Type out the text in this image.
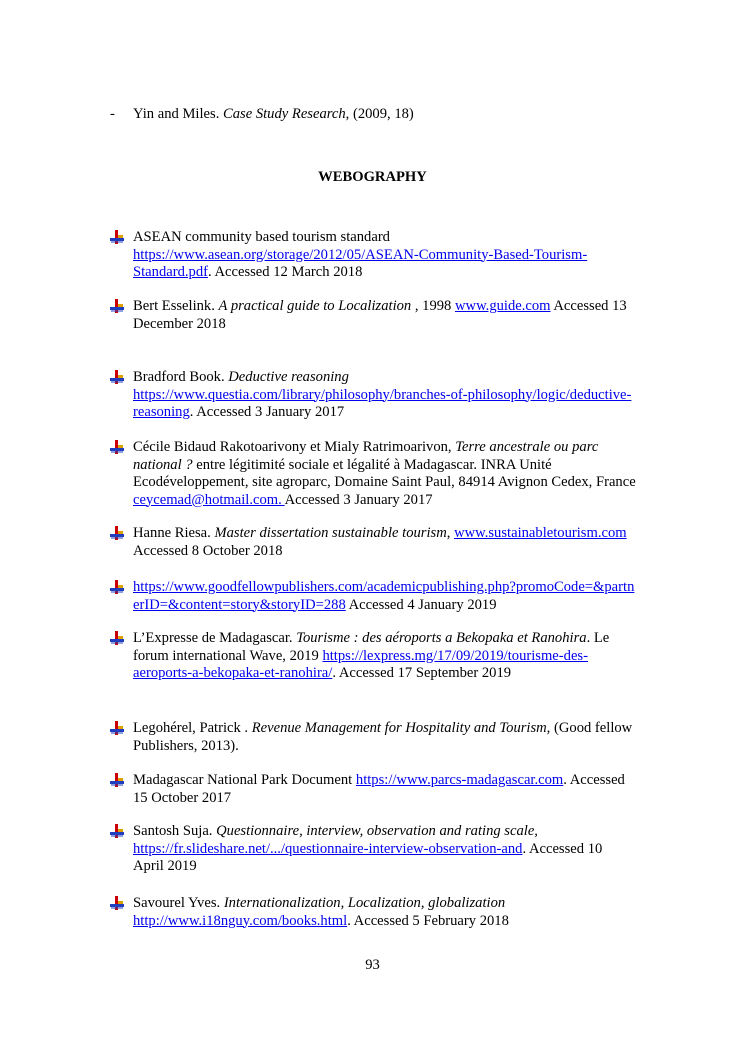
- Yin and Miles. Case Study Research, (2009, 18)
WEBOGRAPHY
ASEAN community based tourism standard
https://www.asean.org/storage/2012/05/ASEAN-Community-Based-Tourism-
Standard.pdf. Accessed 12 March 2018
Bert Esselink. A practical guide to Localization , 1998 www.guide.com Accessed 13
December 2018
Bradford Book. Deductive reasoning
https://www.questia.com/library/philosophy/branches-of-philosophy/logic/deductive-
reasoning. Accessed 3 January 2017
Cécile Bidaud Rakotoarivony et Mialy Ratrimoarivon, Terre ancestrale ou parc
national ? entre légitimité sociale et légalité à Madagascar. INRA Unité
Ecodéveloppement, site agroparc, Domaine Saint Paul, 84914 Avignon Cedex, France
ceycemad@hotmail.com. Accessed 3 January 2017
Hanne Riesa. Master dissertation sustainable tourism, www.sustainabletourism.com
Accessed 8 October 2018
https://www.goodfellowpublishers.com/academicpublishing.php?promoCode=&partn
erID=&content=story&storyID=288 Accessed 4 January 2019
L’Expresse de Madagascar. Tourisme : des aéroports a Bekopaka et Ranohira. Le
forum international Wave, 2019 https://lexpress.mg/17/09/2019/tourisme-des-
aeroports-a-bekopaka-et-ranohira/. Accessed 17 September 2019
Legohérel, Patrick . Revenue Management for Hospitality and Tourism, (Good fellow
Publishers, 2013).
Madagascar National Park Document https://www.parcs-madagascar.com. Accessed
15 October 2017
Santosh Suja. Questionnaire, interview, observation and rating scale,
https://fr.slideshare.net/.../questionnaire-interview-observation-and. Accessed 10
April 2019
Savourel Yves. Internationalization, Localization, globalization
http://www.i18nguy.com/books.html. Accessed 5 February 2018
93
